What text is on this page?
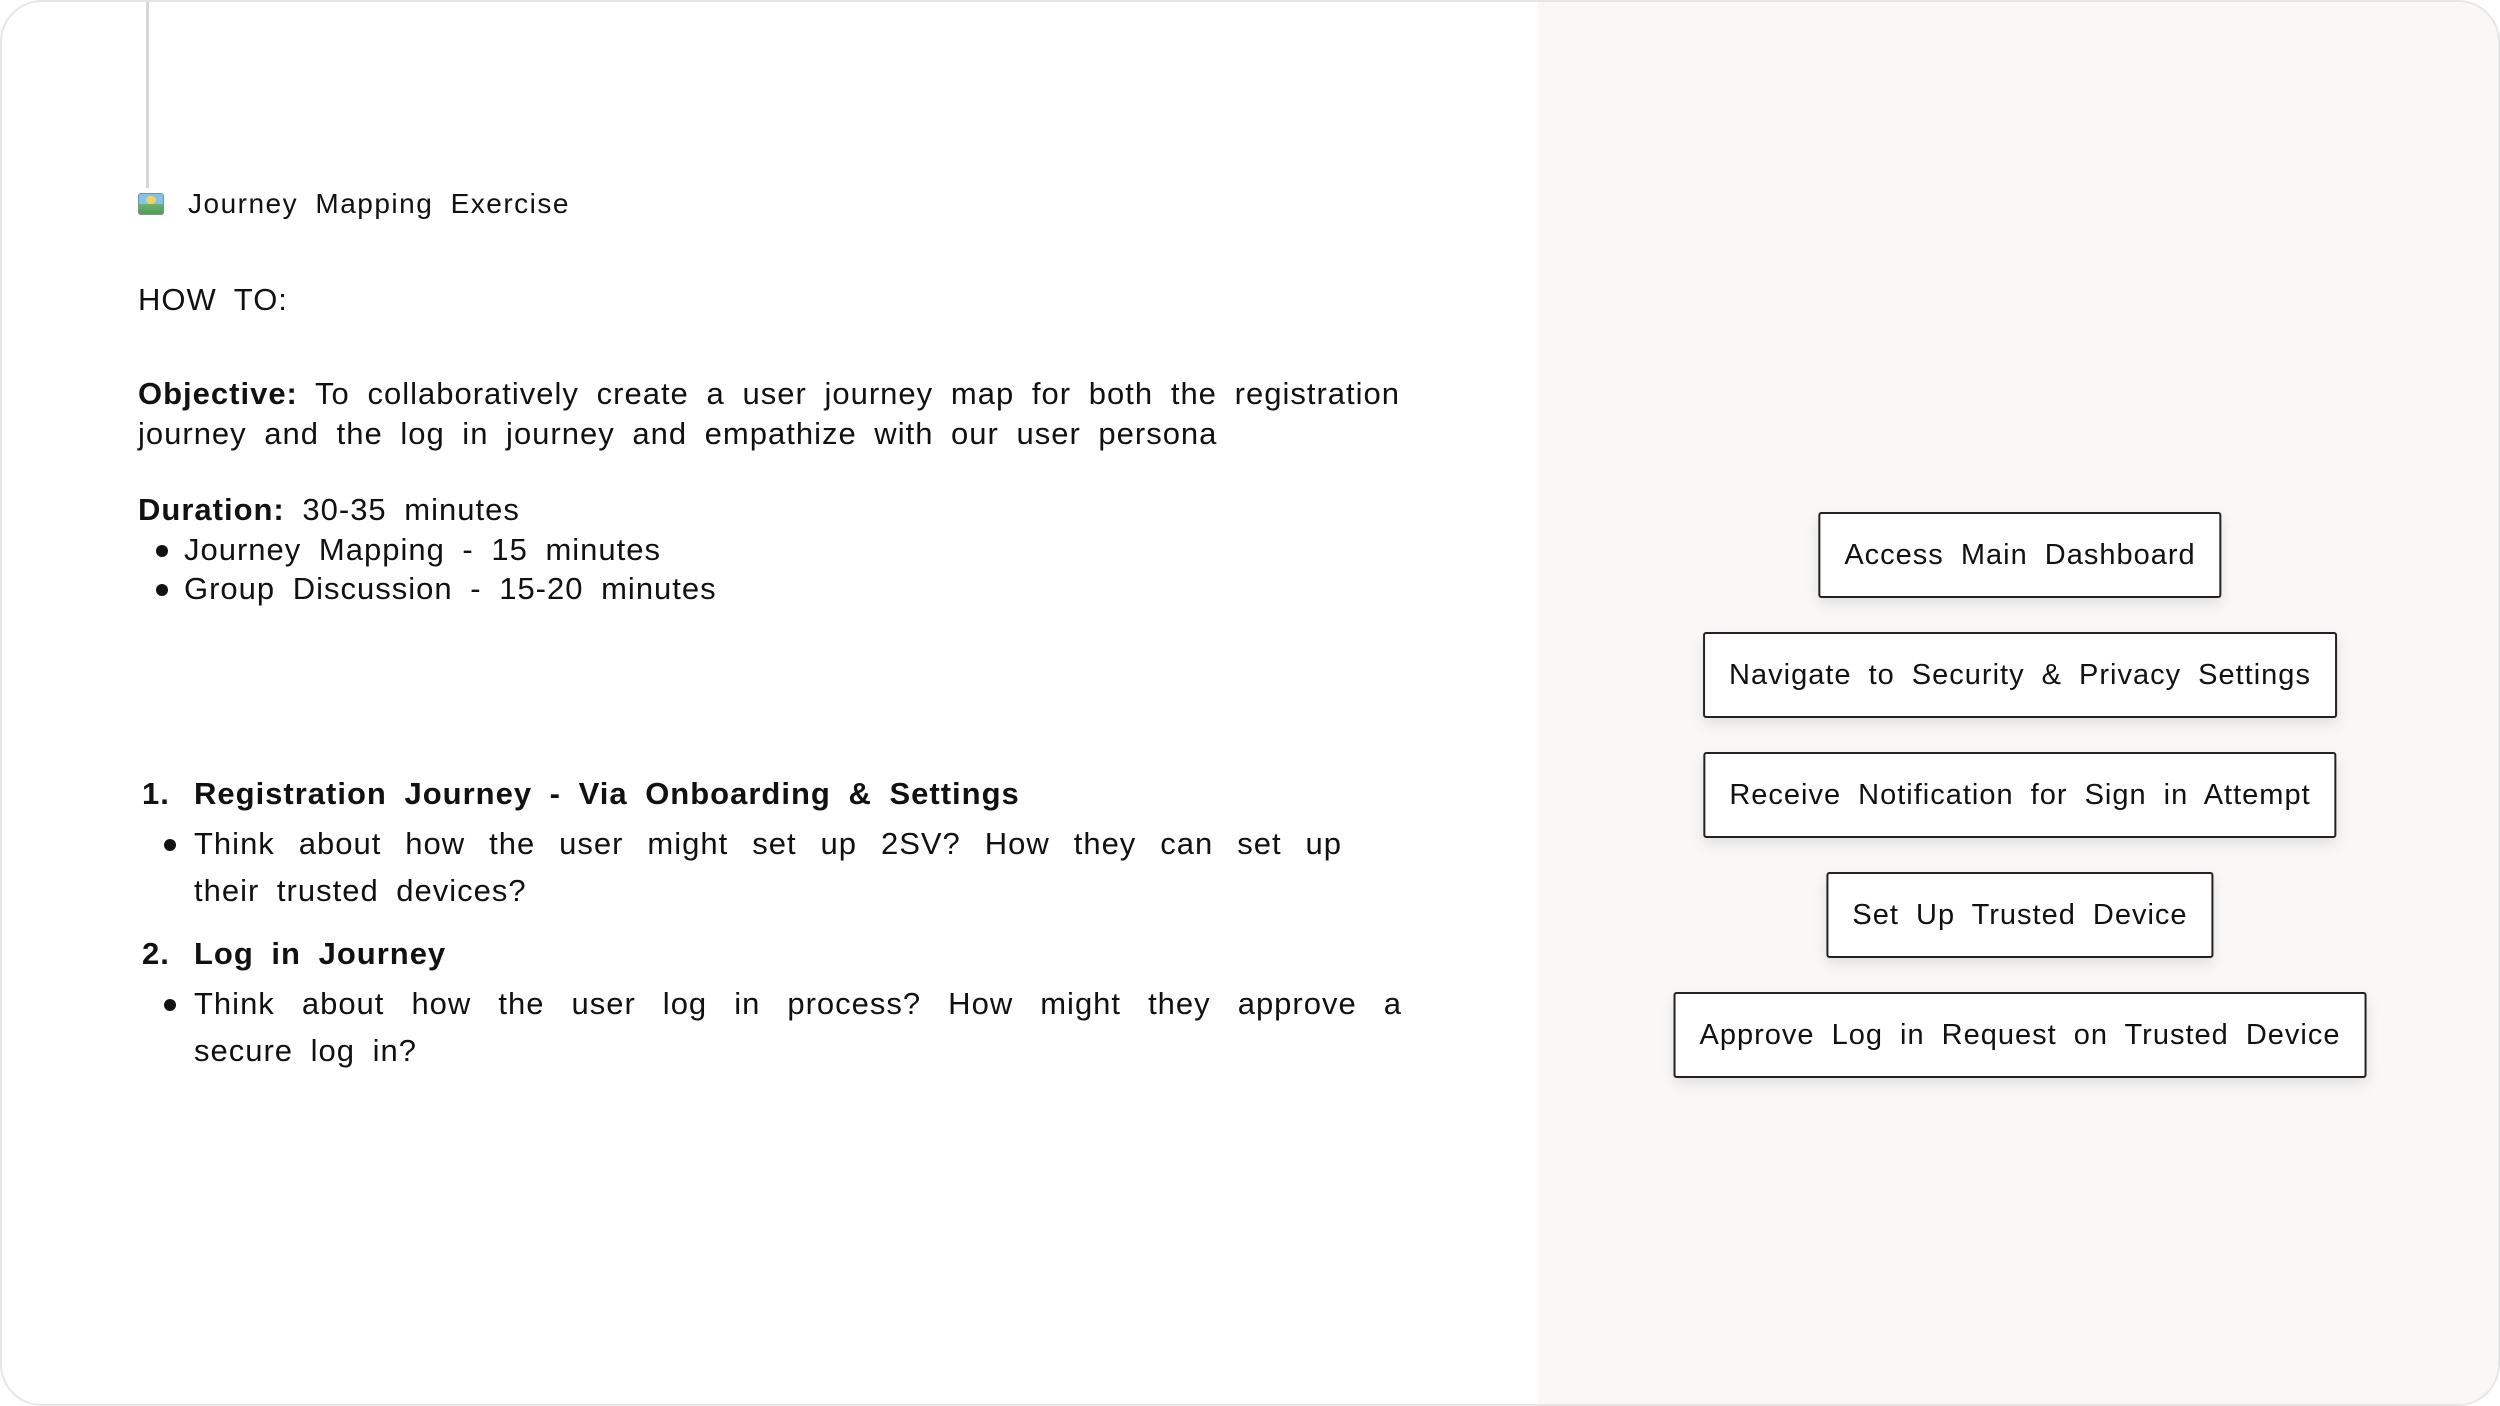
Journey Mapping Exercise
HOW TO:
Objective: To collaboratively create a user journey map for both the registration journey and the log in journey and empathize with our user persona
Duration: 30-35 minutes
Journey Mapping - 15 minutes
Group Discussion - 15-20 minutes
1. Registration Journey - Via Onboarding & Settings
Think about how the user might set up 2SV? How they can set up their trusted devices?
2. Log in Journey
Think about how the user log in process? How might they approve a secure log in?
Access Main Dashboard
Navigate to Security & Privacy Settings
Receive Notification for Sign in Attempt
Set Up Trusted Device
Approve Log in Request on Trusted Device
